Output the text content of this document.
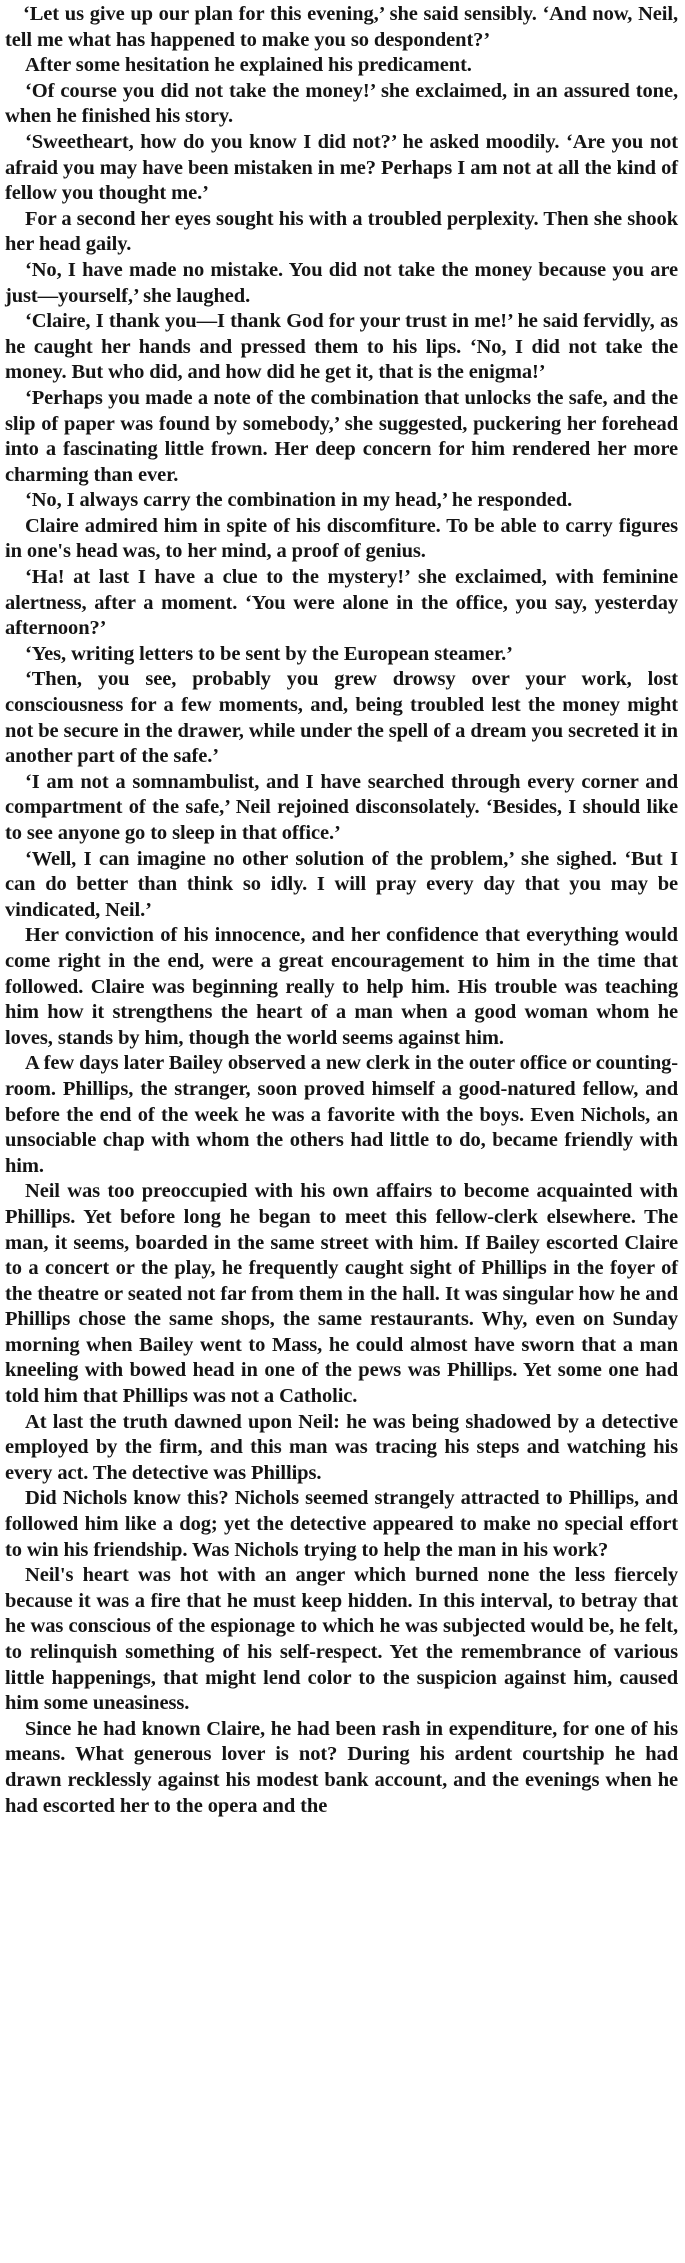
‘Let us give up our plan for this evening,’ she said sensibly. ‘And now, Neil, tell me what has happened to make you so despondent?’

After some hesitation he explained his predicament.

‘Of course you did not take the money!’ she exclaimed, in an assured tone, when he finished his story.

‘Sweetheart, how do you know I did not?’ he asked moodily. ‘Are you not afraid you may have been mistaken in me? Perhaps I am not at all the kind of fellow you thought me.’

For a second her eyes sought his with a troubled perplexity. Then she shook her head gaily.

‘No, I have made no mistake. You did not take the money because you are just—yourself,’ she laughed.

‘Claire, I thank you—I thank God for your trust in me!’ he said fervidly, as he caught her hands and pressed them to his lips. ‘No, I did not take the money. But who did, and how did he get it, that is the enigma!’

‘Perhaps you made a note of the combination that unlocks the safe, and the slip of paper was found by somebody,’ she suggested, puckering her forehead into a fascinating little frown. Her deep concern for him rendered her more charming than ever.

‘No, I always carry the combination in my head,’ he responded.

Claire admired him in spite of his discomfiture. To be able to carry figures in one's head was, to her mind, a proof of genius.

‘Ha! at last I have a clue to the mystery!’ she exclaimed, with feminine alertness, after a moment. ‘You were alone in the office, you say, yesterday afternoon?’

‘Yes, writing letters to be sent by the European steamer.’

‘Then, you see, probably you grew drowsy over your work, lost consciousness for a few moments, and, being troubled lest the money might not be secure in the drawer, while under the spell of a dream you secreted it in another part of the safe.’

‘I am not a somnambulist, and I have searched through every corner and compartment of the safe,’ Neil rejoined disconsolately. ‘Besides, I should like to see anyone go to sleep in that office.’

‘Well, I can imagine no other solution of the problem,’ she sighed. ‘But I can do better than think so idly. I will pray every day that you may be vindicated, Neil.’

Her conviction of his innocence, and her confidence that everything would come right in the end, were a great encouragement to him in the time that followed. Claire was beginning really to help him. His trouble was teaching him how it strengthens the heart of a man when a good woman whom he loves, stands by him, though the world seems against him.

A few days later Bailey observed a new clerk in the outer office or counting-room. Phillips, the stranger, soon proved himself a good-natured fellow, and before the end of the week he was a favorite with the boys. Even Nichols, an unsociable chap with whom the others had little to do, became friendly with him.

Neil was too preoccupied with his own affairs to become acquainted with Phillips. Yet before long he began to meet this fellow-clerk elsewhere. The man, it seems, boarded in the same street with him. If Bailey escorted Claire to a concert or the play, he frequently caught sight of Phillips in the foyer of the theatre or seated not far from them in the hall. It was singular how he and Phillips chose the same shops, the same restaurants. Why, even on Sunday morning when Bailey went to Mass, he could almost have sworn that a man kneeling with bowed head in one of the pews was Phillips. Yet some one had told him that Phillips was not a Catholic.

At last the truth dawned upon Neil: he was being shadowed by a detective employed by the firm, and this man was tracing his steps and watching his every act. The detective was Phillips.

Did Nichols know this? Nichols seemed strangely attracted to Phillips, and followed him like a dog; yet the detective appeared to make no special effort to win his friendship. Was Nichols trying to help the man in his work?

Neil's heart was hot with an anger which burned none the less fiercely because it was a fire that he must keep hidden. In this interval, to betray that he was conscious of the espionage to which he was subjected would be, he felt, to relinquish something of his self-respect. Yet the remembrance of various little happenings, that might lend color to the suspicion against him, caused him some uneasiness.

Since he had known Claire, he had been rash in expenditure, for one of his means. What generous lover is not? During his ardent courtship he had drawn recklessly against his modest bank account, and the evenings when he had escorted her to the opera and the
